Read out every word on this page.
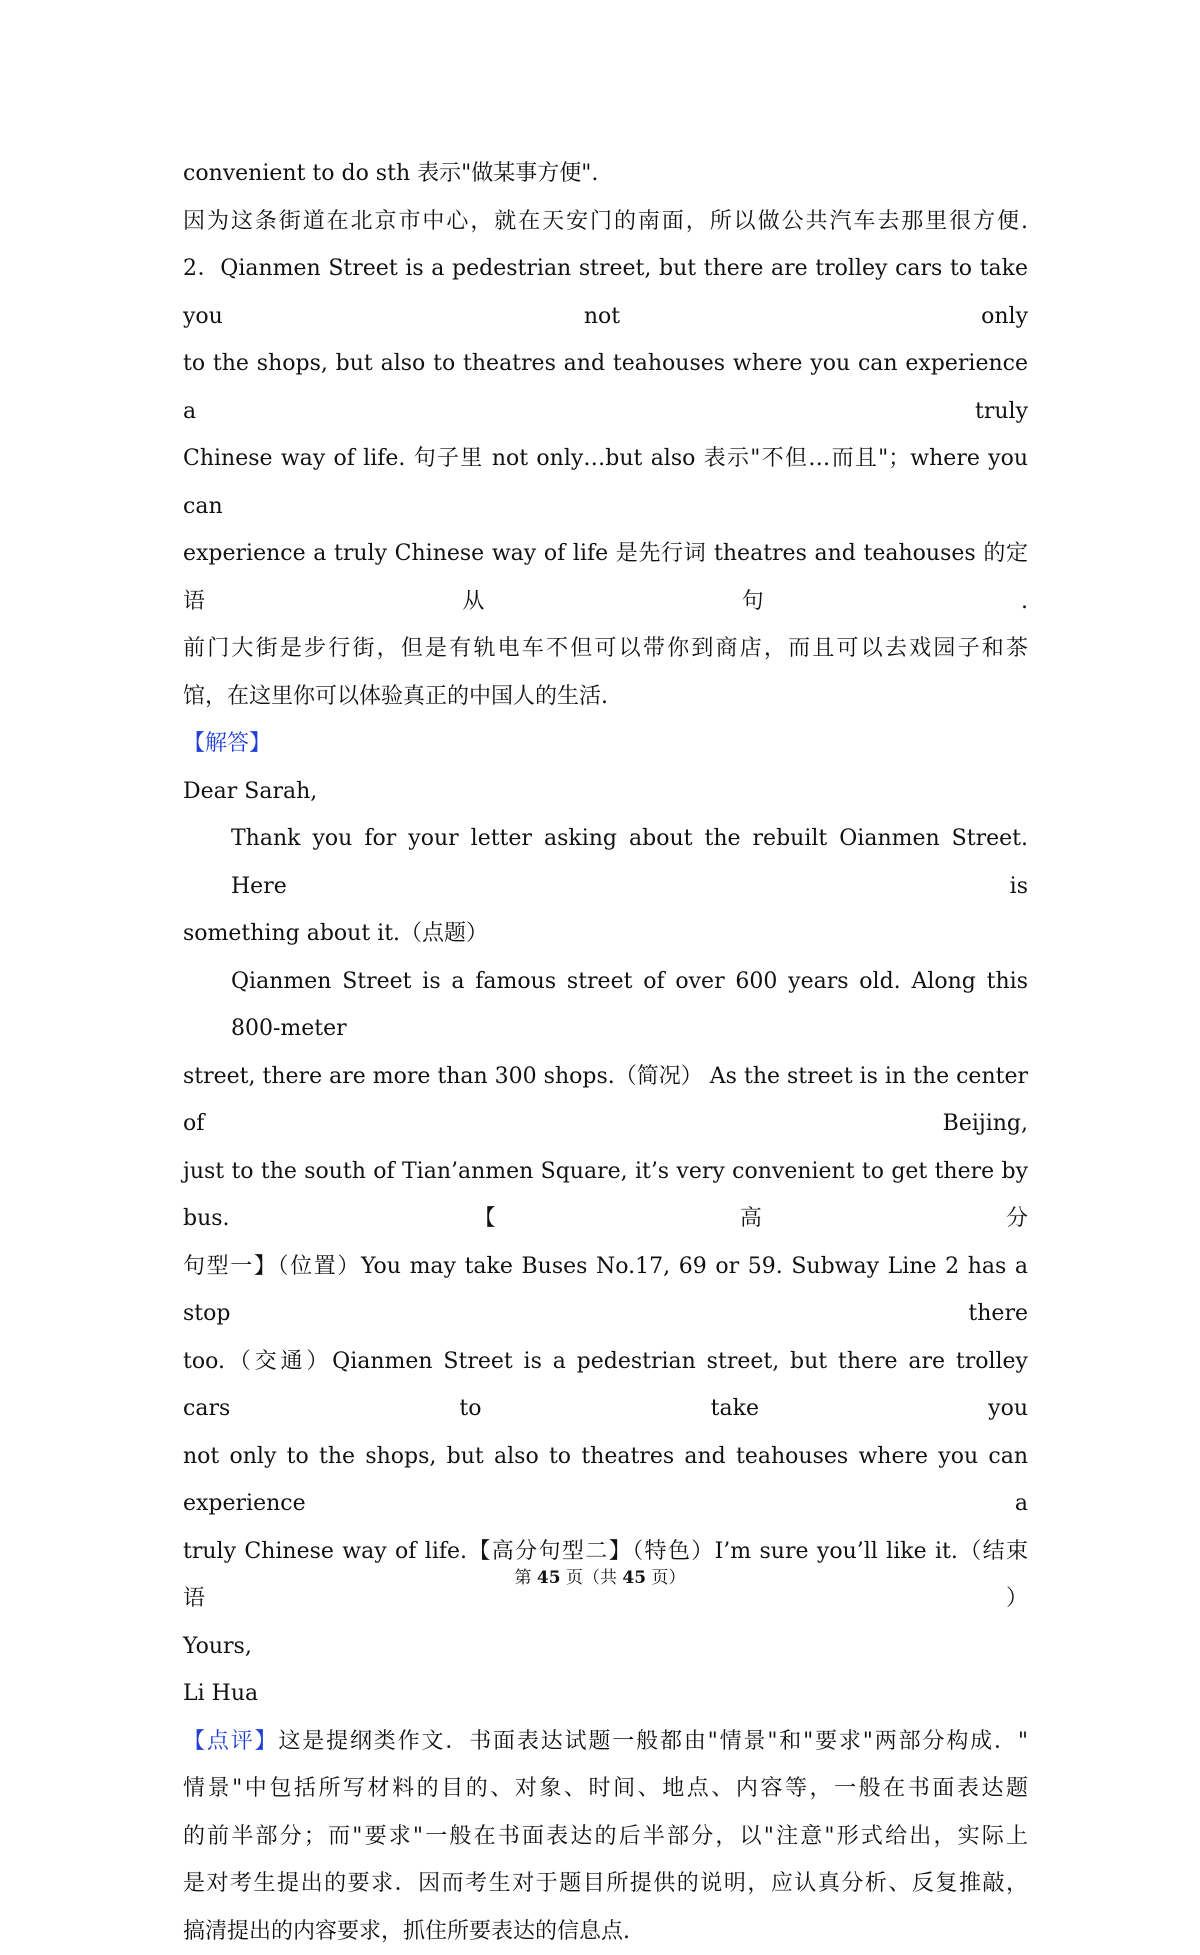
convenient to do sth 表示"做某事方便".

因为这条街道在北京市中心，就在天安门的南面，所以做公共汽车去那里很方便.

2．Qianmen Street is a pedestrian street, but there are trolley cars to take you not only

to the shops, but also to theatres and teahouses where you can experience a truly

Chinese way of life. 句子里 not only…but also 表示"不但…而且"；where you can

experience a truly Chinese way of life 是先行词 theatres and teahouses 的定语从句.

前门大街是步行街，但是有轨电车不但可以带你到商店，而且可以去戏园子和茶

馆，在这里你可以体验真正的中国人的生活.

【解答】

Dear Sarah,

Thank you for your letter asking about the rebuilt Oianmen Street. Here is

something about it.（点题）

Qianmen Street is a famous street of over 600 years old. Along this 800-meter

street, there are more than 300 shops.（简况） As the street is in the center of Beijing,

just to the south of Tian’anmen Square, it’s very convenient to get there by bus.【高分

句型一】（位置）You may take Buses No.17, 69 or 59. Subway Line 2 has a stop there

too.（交通）Qianmen Street is a pedestrian street, but there are trolley cars to take you

not only to the shops, but also to theatres and teahouses where you can experience a

truly Chinese way of life.【高分句型二】（特色）I’m sure you’ll like it.（结束语）

Yours,

Li Hua

【点评】这是提纲类作文．书面表达试题一般都由"情景"和"要求"两部分构成．"

情景"中包括所写材料的目的、对象、时间、地点、内容等，一般在书面表达题

的前半部分；而"要求"一般在书面表达的后半部分，以"注意"形式给出，实际上

是对考生提出的要求．因而考生对于题目所提供的说明，应认真分析、反复推敲，

搞清提出的内容要求，抓住所要表达的信息点.

第 45 页（共 45 页）
